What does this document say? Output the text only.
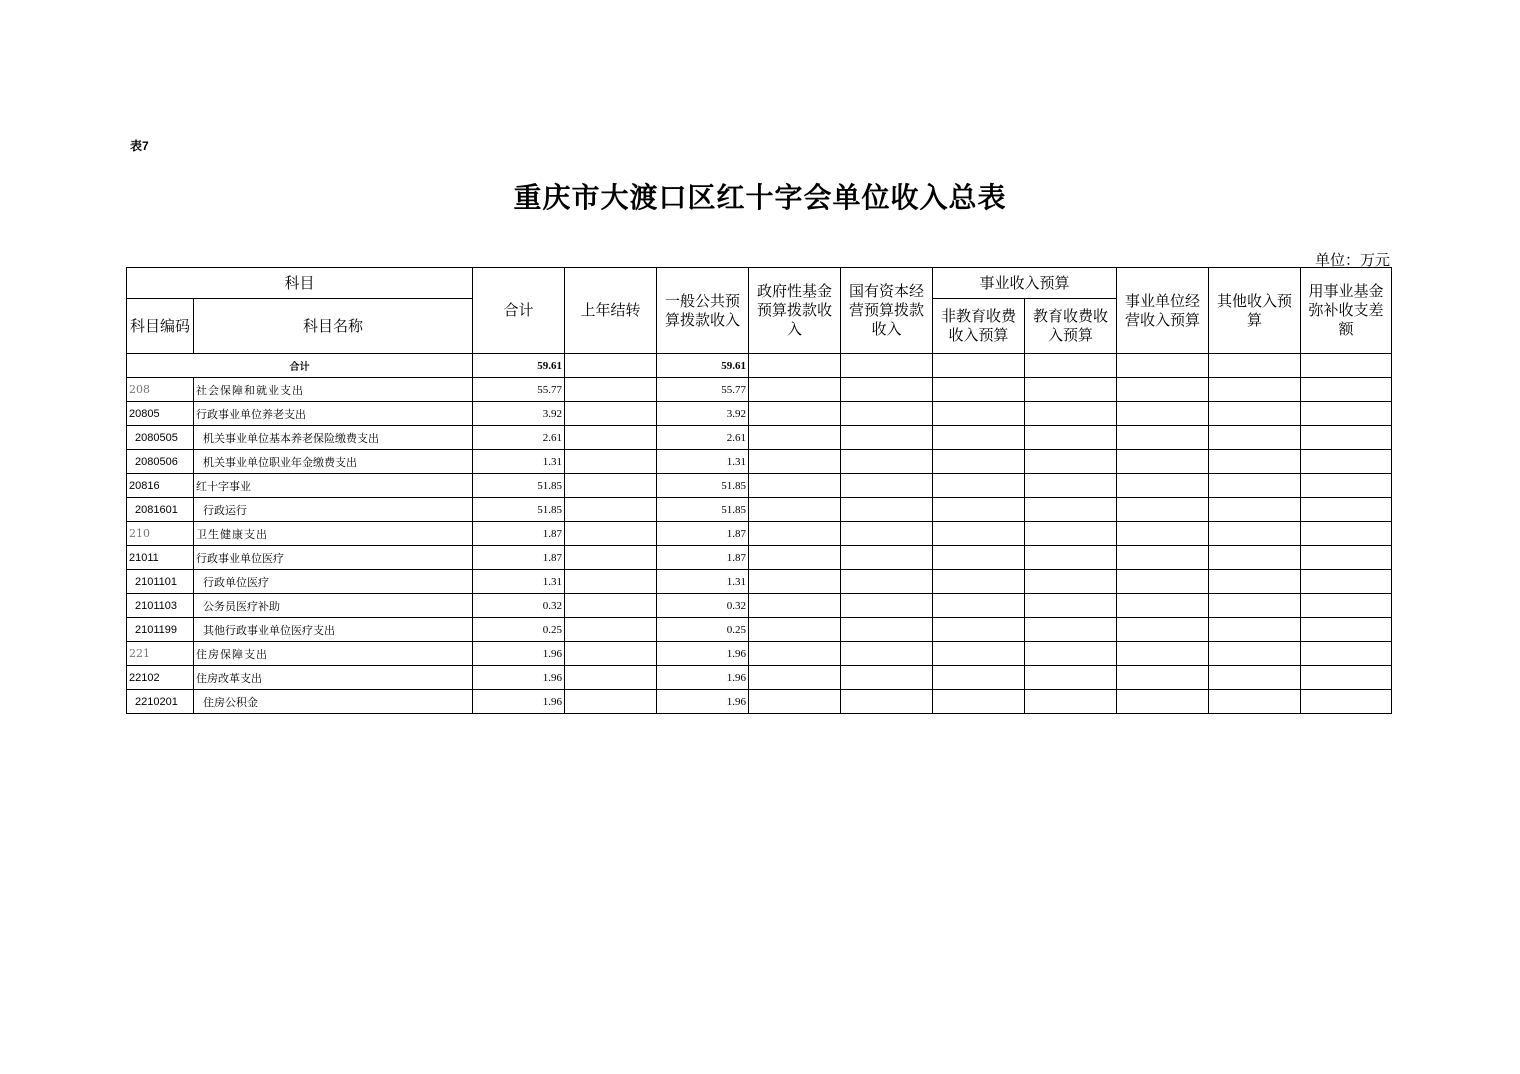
表7
重庆市大渡口区红十字会单位收入总表
单位：万元
科目		合计	上年结转	一般公共预算拨款收入	政府性基金预算拨款收入	国有资本经营预算拨款收入	事业收入预算		事业单位经营收入预算	其他收入预算	用事业基金弥补收支差额
科目编码	科目名称						非教育收费收入预算	教育收费收入预算			
合计		59.61		59.61							
208	社会保障和就业支出	55.77		55.77							
20805	行政事业单位养老支出	3.92		3.92							
2080505	机关事业单位基本养老保险缴费支出	2.61		2.61							
2080506	机关事业单位职业年金缴费支出	1.31		1.31							
20816	红十字事业	51.85		51.85							
2081601	行政运行	51.85		51.85							
210	卫生健康支出	1.87		1.87							
21011	行政事业单位医疗	1.87		1.87							
2101101	行政单位医疗	1.31		1.31							
2101103	公务员医疗补助	0.32		0.32							
2101199	其他行政事业单位医疗支出	0.25		0.25							
221	住房保障支出	1.96		1.96							
22102	住房改革支出	1.96		1.96							
2210201	住房公积金	1.96		1.96							
